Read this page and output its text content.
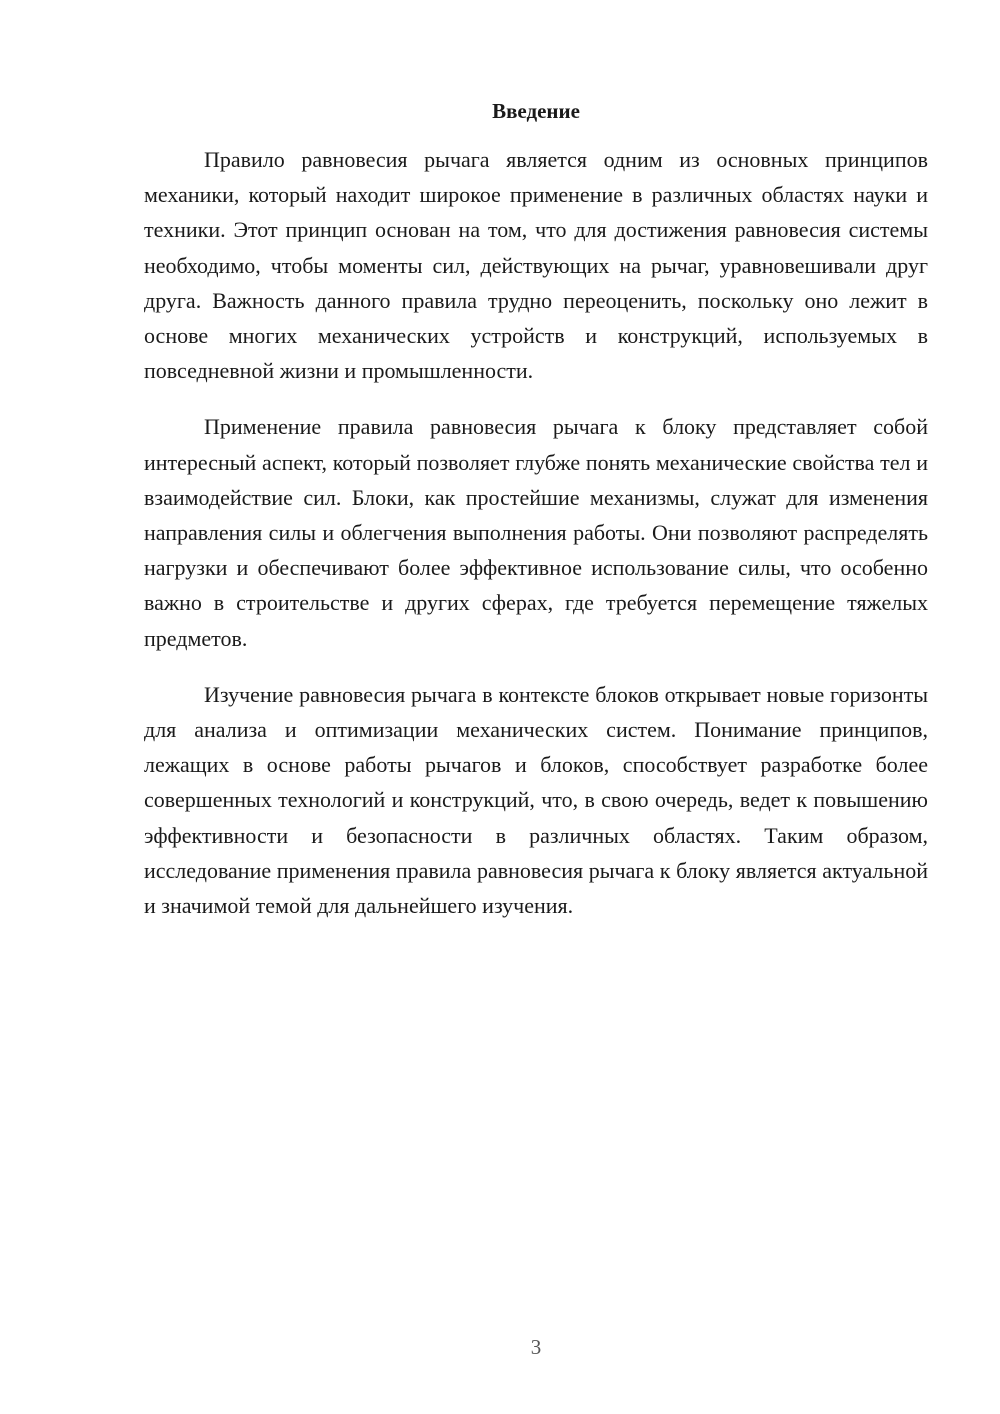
Введение

Правило равновесия рычага является одним из основных принципов механики, который находит широкое применение в различных областях науки и техники. Этот принцип основан на том, что для достижения равновесия системы необходимо, чтобы моменты сил, действующих на рычаг, уравновешивали друг друга. Важность данного правила трудно переоценить, поскольку оно лежит в основе многих механических устройств и конструкций, используемых в повседневной жизни и промышленности.

Применение правила равновесия рычага к блоку представляет собой интересный аспект, который позволяет глубже понять механические свойства тел и взаимодействие сил. Блоки, как простейшие механизмы, служат для изменения направления силы и облегчения выполнения работы. Они позволяют распределять нагрузки и обеспечивают более эффективное использование силы, что особенно важно в строительстве и других сферах, где требуется перемещение тяжелых предметов.

Изучение равновесия рычага в контексте блоков открывает новые горизонты для анализа и оптимизации механических систем. Понимание принципов, лежащих в основе работы рычагов и блоков, способствует разработке более совершенных технологий и конструкций, что, в свою очередь, ведет к повышению эффективности и безопасности в различных областях. Таким образом, исследование применения правила равновесия рычага к блоку является актуальной и значимой темой для дальнейшего изучения.

3
